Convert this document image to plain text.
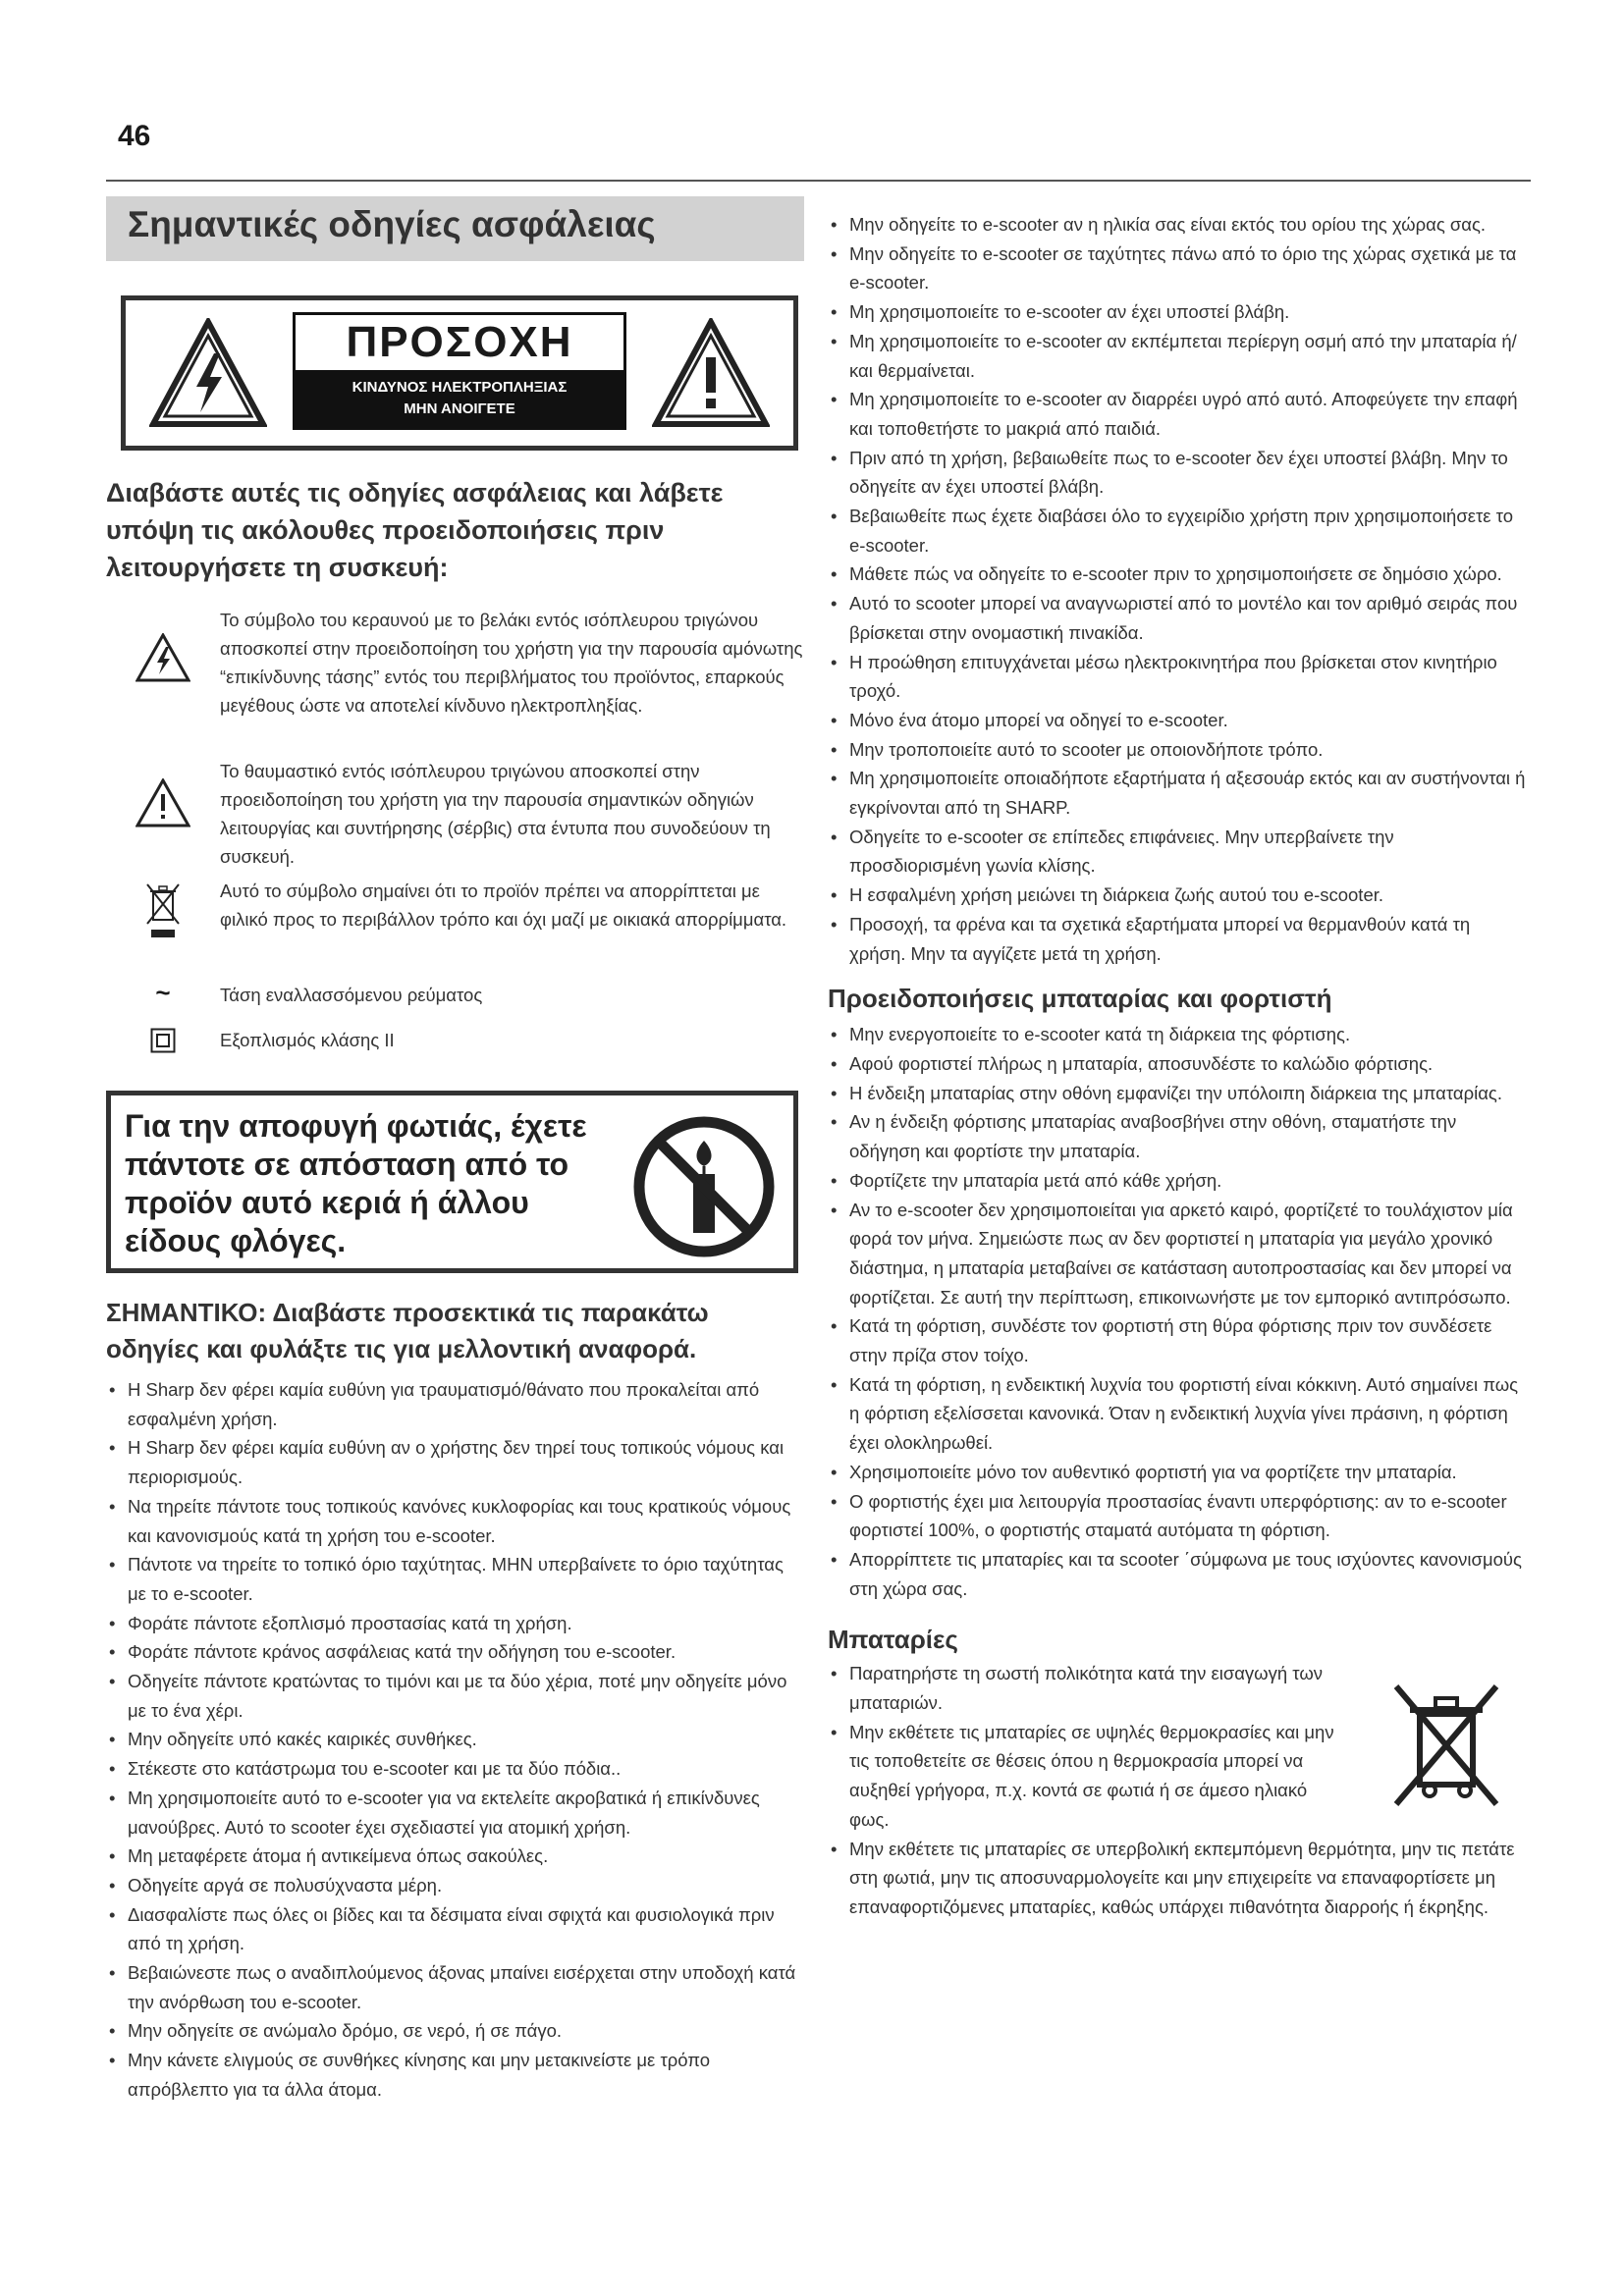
46
Σημαντικές οδηγίες ασφάλειας
ΠΡΟΣΟΧΗ
ΚΙΝΔΥΝΟΣ ΗΛΕΚΤΡΟΠΛΗΞΙΑΣ
ΜΗΝ ΑΝΟΙΓΕΤΕ
Διαβάστε αυτές τις οδηγίες ασφάλειας και λάβετε υπόψη τις ακόλουθες προειδοποιήσεις πριν λειτουργήσετε τη συσκευή:
Το σύμβολο του κεραυνού με το βελάκι εντός ισόπλευρου τριγώνου αποσκοπεί στην προειδοποίηση του χρήστη για την παρουσία αμόνωτης “επικίνδυνης τάσης” εντός του περιβλήματος του προϊόντος, επαρκούς μεγέθους ώστε να αποτελεί κίνδυνο ηλεκτροπληξίας.
Το θαυμαστικό εντός ισόπλευρου τριγώνου αποσκοπεί στην προειδοποίηση του χρήστη για την παρουσία σημαντικών οδηγιών λειτουργίας και συντήρησης (σέρβις) στα έντυπα που συνοδεύουν τη συσκευή.
Αυτό το σύμβολο σημαίνει ότι το προϊόν πρέπει να απορρίπτεται με φιλικό προς το περιβάλλον τρόπο και όχι μαζί με οικιακά απορρίμματα.
~	Τάση εναλλασσόμενου ρεύματος
Εξοπλισμός κλάσης II
Για την αποφυγή φωτιάς, έχετε πάντοτε σε απόσταση από το προϊόν αυτό κεριά ή άλλου είδους φλόγες.
ΣΗΜΑΝΤΙΚΟ: Διαβάστε προσεκτικά τις παρακάτω οδηγίες και φυλάξτε τις για μελλοντική αναφορά.
• Η Sharp δεν φέρει καμία ευθύνη για τραυματισμό/θάνατο που προκαλείται από εσφαλμένη χρήση.
• Η Sharp δεν φέρει καμία ευθύνη αν ο χρήστης δεν τηρεί τους τοπικούς νόμους και περιορισμούς.
• Να τηρείτε πάντοτε τους τοπικούς κανόνες κυκλοφορίας και τους κρατικούς νόμους και κανονισμούς κατά τη χρήση του e-scooter.
• Πάντοτε να τηρείτε το τοπικό όριο ταχύτητας. ΜΗΝ υπερβαίνετε το όριο ταχύτητας με το e-scooter.
• Φοράτε πάντοτε εξοπλισμό προστασίας κατά τη χρήση.
• Φοράτε πάντοτε κράνος ασφάλειας κατά την οδήγηση του e-scooter.
• Οδηγείτε πάντοτε κρατώντας το τιμόνι και με τα δύο χέρια, ποτέ μην οδηγείτε μόνο με το ένα χέρι.
• Μην οδηγείτε υπό κακές καιρικές συνθήκες.
• Στέκεστε στο κατάστρωμα του e-scooter και με τα δύο πόδια..
• Μη χρησιμοποιείτε αυτό το e-scooter για να εκτελείτε ακροβατικά ή επικίνδυνες μανούβρες. Αυτό το scooter έχει σχεδιαστεί για ατομική χρήση.
• Μη μεταφέρετε άτομα ή αντικείμενα όπως σακούλες.
• Οδηγείτε αργά σε πολυσύχναστα μέρη.
• Διασφαλίστε πως όλες οι βίδες και τα δέσιματα είναι σφιχτά και φυσιολογικά πριν από τη χρήση.
• Βεβαιώνεστε πως ο αναδιπλούμενος άξονας μπαίνει εισέρχεται στην υποδοχή κατά την ανόρθωση του e-scooter.
• Μην οδηγείτε σε ανώμαλο δρόμο, σε νερό, ή σε πάγο.
• Μην κάνετε ελιγμούς σε συνθήκες κίνησης και μην μετακινείστε με τρόπο απρόβλεπτο για τα άλλα άτομα.
• Μην οδηγείτε το e-scooter αν η ηλικία σας είναι εκτός του ορίου της χώρας σας.
• Μην οδηγείτε το e-scooter σε ταχύτητες πάνω από το όριο της χώρας σχετικά με τα e-scooter.
• Μη χρησιμοποιείτε το e-scooter αν έχει υποστεί βλάβη.
• Μη χρησιμοποιείτε το e-scooter αν εκπέμπεται περίεργη οσμή από την μπαταρία ή/και θερμαίνεται.
• Μη χρησιμοποιείτε το e-scooter αν διαρρέει υγρό από αυτό. Αποφεύγετε την επαφή και τοποθετήστε το μακριά από παιδιά.
• Πριν από τη χρήση, βεβαιωθείτε πως το e-scooter δεν έχει υποστεί βλάβη. Μην το οδηγείτε αν έχει υποστεί βλάβη.
• Βεβαιωθείτε πως έχετε διαβάσει όλο το εγχειρίδιο χρήστη πριν χρησιμοποιήσετε το e-scooter.
• Μάθετε πώς να οδηγείτε το e-scooter πριν το χρησιμοποιήσετε σε δημόσιο χώρο.
• Αυτό το scooter μπορεί να αναγνωριστεί από το μοντέλο και τον αριθμό σειράς που βρίσκεται στην ονομαστική πινακίδα.
• Η προώθηση επιτυγχάνεται μέσω ηλεκτροκινητήρα που βρίσκεται στον κινητήριο τροχό.
• Μόνο ένα άτομο μπορεί να οδηγεί το e-scooter.
• Μην τροποποιείτε αυτό το scooter με οποιονδήποτε τρόπο.
• Μη χρησιμοποιείτε οποιαδήποτε εξαρτήματα ή αξεσουάρ εκτός και αν συστήνονται ή εγκρίνονται από τη SHARP.
• Οδηγείτε το e-scooter σε επίπεδες επιφάνειες. Μην υπερβαίνετε την προσδιορισμένη γωνία κλίσης.
• Η εσφαλμένη χρήση μειώνει τη διάρκεια ζωής αυτού του e-scooter.
• Προσοχή, τα φρένα και τα σχετικά εξαρτήματα μπορεί να θερμανθούν κατά τη χρήση. Μην τα αγγίζετε μετά τη χρήση.
Προειδοποιήσεις μπαταρίας και φορτιστή
• Μην ενεργοποιείτε το e-scooter κατά τη διάρκεια της φόρτισης.
• Αφού φορτιστεί πλήρως η μπαταρία, αποσυνδέστε το καλώδιο φόρτισης.
• Η ένδειξη μπαταρίας στην οθόνη εμφανίζει την υπόλοιπη διάρκεια της μπαταρίας.
• Αν η ένδειξη φόρτισης μπαταρίας αναβοσβήνει στην οθόνη, σταματήστε την οδήγηση και φορτίστε την μπαταρία.
• Φορτίζετε την μπαταρία μετά από κάθε χρήση.
• Αν το e-scooter δεν χρησιμοποιείται για αρκετό καιρό, φορτίζετέ το τουλάχιστον μία φορά τον μήνα. Σημειώστε πως αν δεν φορτιστεί η μπαταρία για μεγάλο χρονικό διάστημα, η μπαταρία μεταβαίνει σε κατάσταση αυτοπροστασίας και δεν μπορεί να φορτίζεται. Σε αυτή την περίπτωση, επικοινωνήστε με τον εμπορικό αντιπρόσωπο.
• Κατά τη φόρτιση, συνδέστε τον φορτιστή στη θύρα φόρτισης πριν τον συνδέσετε στην πρίζα στον τοίχο.
• Κατά τη φόρτιση, η ενδεικτική λυχνία του φορτιστή είναι κόκκινη. Αυτό σημαίνει πως η φόρτιση εξελίσσεται κανονικά. Όταν η ενδεικτική λυχνία γίνει πράσινη, η φόρτιση έχει ολοκληρωθεί.
• Χρησιμοποιείτε μόνο τον αυθεντικό φορτιστή για να φορτίζετε την μπαταρία.
• Ο φορτιστής έχει μια λειτουργία προστασίας έναντι υπερφόρτισης: αν το e-scooter φορτιστεί 100%, ο φορτιστής σταματά αυτόματα τη φόρτιση.
• Απορρίπτετε τις μπαταρίες και τα scooter ΄σύμφωνα με τους ισχύοντες κανονισμούς στη χώρα σας.
Μπαταρίες
• Παρατηρήστε τη σωστή πολικότητα κατά την εισαγωγή των μπαταριών.
• Μην εκθέτετε τις μπαταρίες σε υψηλές θερμοκρασίες και μην τις τοποθετείτε σε θέσεις όπου η θερμοκρασία μπορεί να αυξηθεί γρήγορα, π.χ. κοντά σε φωτιά ή σε άμεσο ηλιακό φως.
• Μην εκθέτετε τις μπαταρίες σε υπερβολική εκπεμπόμενη θερμότητα, μην τις πετάτε στη φωτιά, μην τις αποσυναρμολογείτε και μην επιχειρείτε να επαναφορτίσετε μη επαναφορτιζόμενες μπαταρίες, καθώς υπάρχει πιθανότητα διαρροής ή έκρηξης.
